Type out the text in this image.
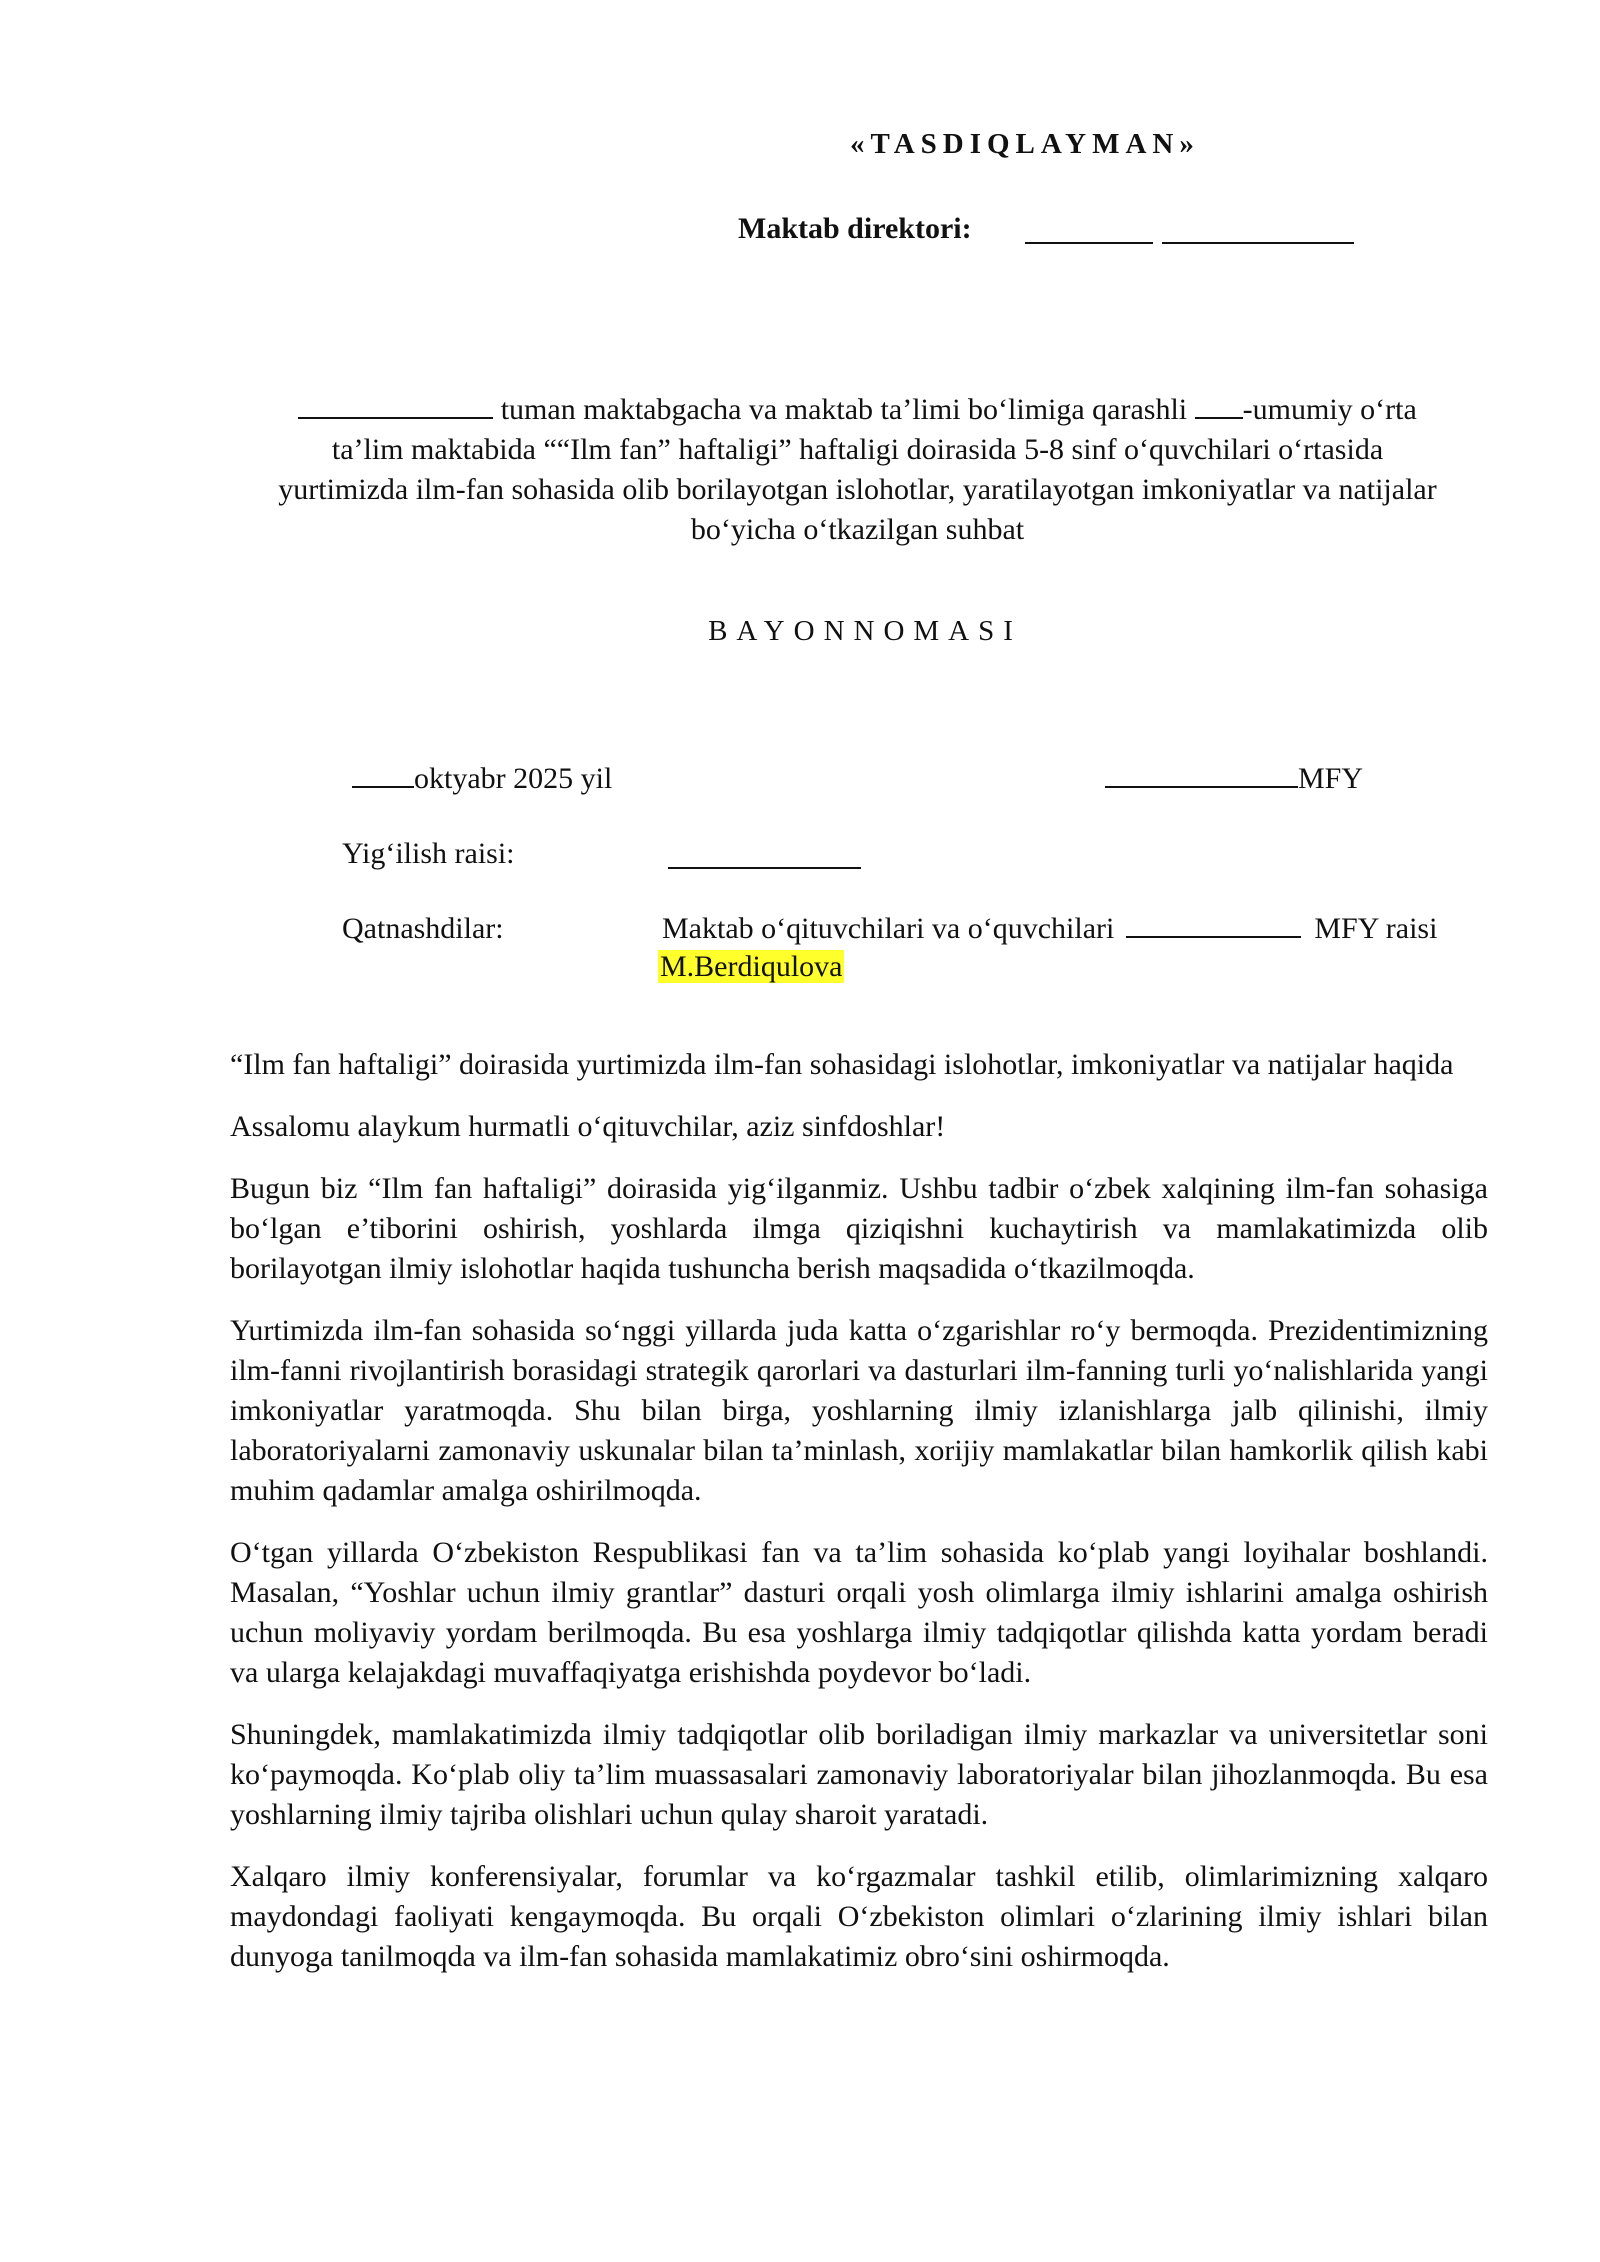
«TASDIQLAYMAN»
Maktab direktori:

tuman maktabgacha va maktab ta’limi bo‘limiga qarashli -umumiy o‘rta

ta’lim maktabida ““Ilm fan” haftaligi” haftaligi doirasida 5-8 sinf o‘quvchilari o‘rtasida

yurtimizda ilm-fan sohasida olib borilayotgan islohotlar, yaratilayotgan imkoniyatlar va natijalar

bo‘yicha o‘tkazilgan suhbat

BAYONNOMASI
oktyabr 2025 yil	MFY
Yig‘ilish raisi:
Qatnashdilar:	Maktab o‘qituvchilari va o‘quvchilari	MFY raisi
M.Berdiqulova

“Ilm fan haftaligi” doirasida yurtimizda ilm-fan sohasidagi islohotlar, imkoniyatlar va natijalar haqida

Assalomu alaykum hurmatli o‘qituvchilar, aziz sinfdoshlar!

Bugun biz “Ilm fan haftaligi” doirasida yig‘ilganmiz. Ushbu tadbir o‘zbek xalqining ilm-fan sohasiga bo‘lgan e’tiborini oshirish, yoshlarda ilmga qiziqishni kuchaytirish va mamlakatimizda olib borilayotgan ilmiy islohotlar haqida tushuncha berish maqsadida o‘tkazilmoqda.

Yurtimizda ilm-fan sohasida so‘nggi yillarda juda katta o‘zgarishlar ro‘y bermoqda. Prezidentimizning ilm-fanni rivojlantirish borasidagi strategik qarorlari va dasturlari ilm-fanning turli yo‘nalishlarida yangi imkoniyatlar yaratmoqda. Shu bilan birga, yoshlarning ilmiy izlanishlarga jalb qilinishi, ilmiy laboratoriyalarni zamonaviy uskunalar bilan ta’minlash, xorijiy mamlakatlar bilan hamkorlik qilish kabi muhim qadamlar amalga oshirilmoqda.

O‘tgan yillarda O‘zbekiston Respublikasi fan va ta’lim sohasida ko‘plab yangi loyihalar boshlandi. Masalan, “Yoshlar uchun ilmiy grantlar” dasturi orqali yosh olimlarga ilmiy ishlarini amalga oshirish uchun moliyaviy yordam berilmoqda. Bu esa yoshlarga ilmiy tadqiqotlar qilishda katta yordam beradi va ularga kelajakdagi muvaffaqiyatga erishishda poydevor bo‘ladi.

Shuningdek, mamlakatimizda ilmiy tadqiqotlar olib boriladigan ilmiy markazlar va universitetlar soni ko‘paymoqda. Ko‘plab oliy ta’lim muassasalari zamonaviy laboratoriyalar bilan jihozlanmoqda. Bu esa yoshlarning ilmiy tajriba olishlari uchun qulay sharoit yaratadi.

Xalqaro ilmiy konferensiyalar, forumlar va ko‘rgazmalar tashkil etilib, olimlarimizning xalqaro maydondagi faoliyati kengaymoqda. Bu orqali O‘zbekiston olimlari o‘zlarining ilmiy ishlari bilan dunyoga tanilmoqda va ilm-fan sohasida mamlakatimiz obro‘sini oshirmoqda.
